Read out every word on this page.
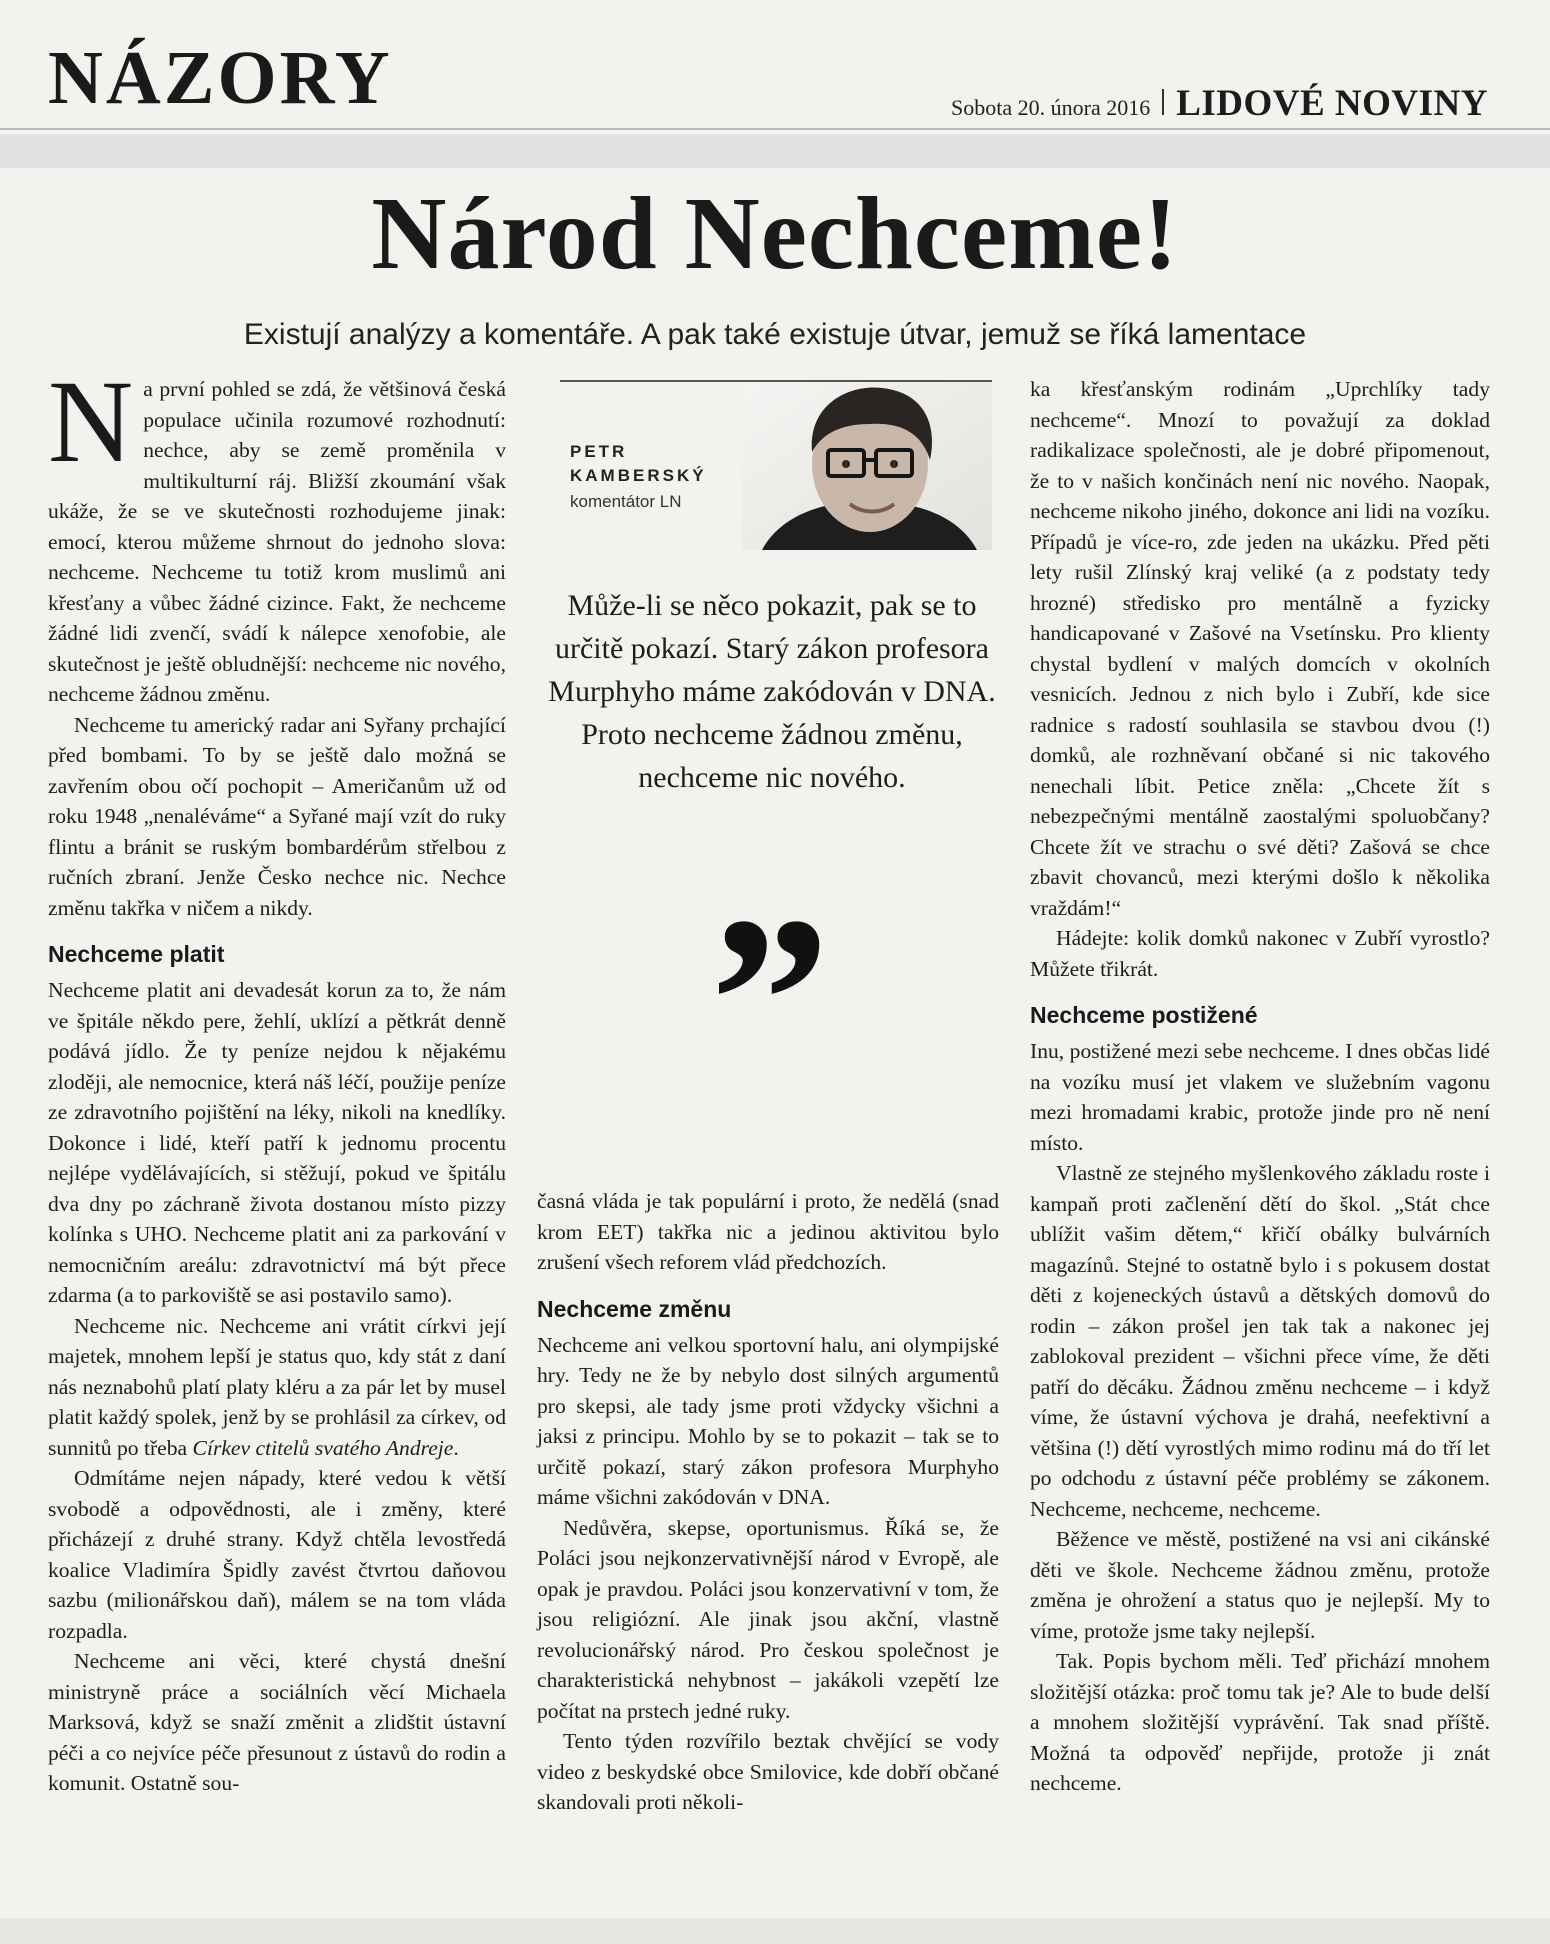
NÁZORY	Sobota 20. února 2016 LIDOVÉ NOVINY
Národ Nechceme!
Existují analýzy a komentáře. A pak také existuje útvar, jemuž se říká lamentace

Na první pohled se zdá, že většinová česká populace učinila rozumové rozhodnutí: nechce, aby se země proměnila v multikulturní ráj. Bližší zkoumání však ukáže, že se ve skutečnosti rozhodujeme jinak: emocí, kterou můžeme shrnout do jednoho slova: nechceme. Nechceme tu totiž krom muslimů ani křesťany a vůbec žádné cizince. Fakt, že nechceme žádné lidi zvenčí, svádí k nálepce xenofobie, ale skutečnost je ještě obludnější: nechceme nic nového, nechceme žádnou změnu.

Nechceme tu americký radar ani Syřany prchající před bombami. To by se ještě dalo možná se zavřením obou očí pochopit – Američanům už od roku 1948 „nenaléváme“ a Syřané mají vzít do ruky flintu a bránit se ruským bombardérům střelbou z ručních zbraní. Jenže Česko nechce nic. Nechce změnu takřka v ničem a nikdy.

Nechceme platit

Nechceme platit ani devadesát korun za to, že nám ve špitále někdo pere, žehlí, uklízí a pětkrát denně podává jídlo. Že ty peníze nejdou k nějakému zloději, ale nemocnice, která náš léčí, použije peníze ze zdravotního pojištění na léky, nikoli na knedlíky. Dokonce i lidé, kteří patří k jednomu procentu nejlépe vydělávajících, si stěžují, pokud ve špitálu dva dny po záchraně života dostanou místo pizzy kolínka s UHO. Nechceme platit ani za parkování v nemocničním areálu: zdravotnictví má být přece zdarma (a to parkoviště se asi postavilo samo).

Nechceme nic. Nechceme ani vrátit církvi její majetek, mnohem lepší je status quo, kdy stát z daní nás neznabohů platí platy kléru a za pár let by musel platit každý spolek, jenž by se prohlásil za církev, od sunnitů po třeba Církev ctitelů svatého Andreje.

Odmítáme nejen nápady, které vedou k větší svobodě a odpovědnosti, ale i změny, které přicházejí z druhé strany. Když chtěla levostředá koalice Vladimíra Špidly zavést čtvrtou daňovou sazbu (milionářskou daň), málem se na tom vláda rozpadla.

Nechceme ani věci, které chystá dnešní ministryně práce a sociálních věcí Michaela Marksová, když se snaží změnit a zlidštit ústavní péči a co nejvíce péče přesunout z ústavů do rodin a komunit. Ostatně sou-

PETR
KAMBERSKÝ
komentátor LN
Může-li se něco pokazit, pak se to určitě pokazí. Starý zákon profesora Murphyho máme zakódován v DNA. Proto nechceme žádnou změnu, nechceme nic nového.
”

časná vláda je tak populární i proto, že nedělá (snad krom EET) takřka nic a jedinou aktivitou bylo zrušení všech reforem vlád předchozích.

Nechceme změnu

Nechceme ani velkou sportovní halu, ani olympijské hry. Tedy ne že by nebylo dost silných argumentů pro skepsi, ale tady jsme proti vždycky všichni a jaksi z principu. Mohlo by se to pokazit – tak se to určitě pokazí, starý zákon profesora Murphyho máme všichni zakódován v DNA.

Nedůvěra, skepse, oportunismus. Říká se, že Poláci jsou nejkonzervativnější národ v Evropě, ale opak je pravdou. Poláci jsou konzervativní v tom, že jsou religiózní. Ale jinak jsou akční, vlastně revolucionářský národ. Pro českou společnost je charakteristická nehybnost – jakákoli vzepětí lze počítat na prstech jedné ruky.

Tento týden rozvířilo beztak chvějící se vody video z beskydské obce Smilovice, kde dobří občané skandovali proti několi-

ka křesťanským rodinám „Uprchlíky tady nechceme“. Mnozí to považují za doklad radikalizace společnosti, ale je dobré připomenout, že to v našich končinách není nic nového. Naopak, nechceme nikoho jiného, dokonce ani lidi na vozíku. Případů je více-ro, zde jeden na ukázku. Před pěti lety rušil Zlínský kraj veliké (a z podstaty tedy hrozné) středisko pro mentálně a fyzicky handicapované v Zašové na Vsetínsku. Pro klienty chystal bydlení v malých domcích v okolních vesnicích. Jednou z nich bylo i Zubří, kde sice radnice s radostí souhlasila se stavbou dvou (!) domků, ale rozhněvaní občané si nic takového nenechali líbit. Petice zněla: „Chcete žít s nebezpečnými mentálně zaostalými spoluobčany? Chcete žít ve strachu o své děti? Zašová se chce zbavit chovanců, mezi kterými došlo k několika vraždám!“

Hádejte: kolik domků nakonec v Zubří vyrostlo? Můžete třikrát.

Nechceme postižené

Inu, postižené mezi sebe nechceme. I dnes občas lidé na vozíku musí jet vlakem ve služebním vagonu mezi hromadami krabic, protože jinde pro ně není místo.

Vlastně ze stejného myšlenkového základu roste i kampaň proti začlenění dětí do škol. „Stát chce ublížit vašim dětem,“ křičí obálky bulvárních magazínů. Stejné to ostatně bylo i s pokusem dostat děti z kojeneckých ústavů a dětských domovů do rodin – zákon prošel jen tak tak a nakonec jej zablokoval prezident – všichni přece víme, že děti patří do děcáku. Žádnou změnu nechceme – i když víme, že ústavní výchova je drahá, neefektivní a většina (!) dětí vyrostlých mimo rodinu má do tří let po odchodu z ústavní péče problémy se zákonem. Nechceme, nechceme, nechceme.

Běžence ve městě, postižené na vsi ani cikánské děti ve škole. Nechceme žádnou změnu, protože změna je ohrožení a status quo je nejlepší. My to víme, protože jsme taky nejlepší.

Tak. Popis bychom měli. Teď přichází mnohem složitější otázka: proč tomu tak je? Ale to bude delší a mnohem složitější vyprávění. Tak snad příště. Možná ta odpověď nepřijde, protože ji znát nechceme.
